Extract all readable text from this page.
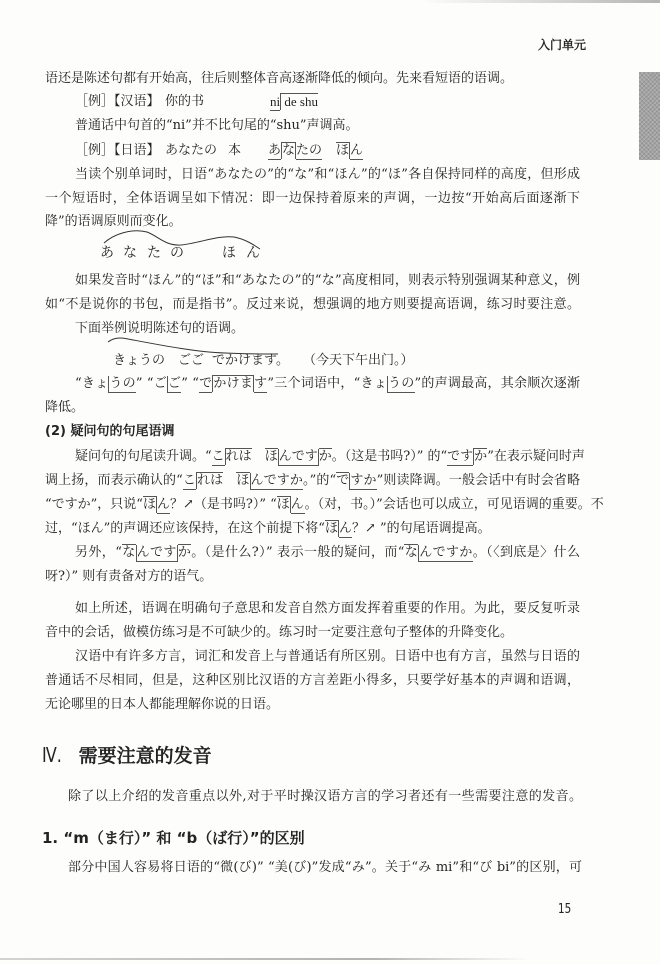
入门单元
语还是陈述句都有开始高，往后则整体音高逐渐降低的倾向。先来看短语的语调。
［例］【汉语】 你的书	ni de shu
普通话中句首的“ni”并不比句尾的“shu”声调高。
［例］【日语】 あなたの 本 あなたの ほん
当读个别单词时，日语“あなたの”的“な”和“ほん”的“ほ”各自保持同样的高度，但形成
一个短语时，全体语调呈如下情况：即一边保持着原来的声调，一边按“开始高后面逐渐下
降”的语调原则而变化。
あ な た の	ほ ん
如果发音时“ほん”的“ほ”和“あなたの”的“な”高度相同，则表示特别强调某种意义，例
如“不是说你的书包，而是指书”。反过来说，想强调的地方则要提高语调，练习时要注意。
下面举例说明陈述句的语调。
きょうの ごご でかけます。 （今天下午出门。）
“きょうの” “ごご” “でかけます”三个词语中，“きょうの”的声调最高，其余顺次逐渐
降低。
(2) 疑问句的句尾语调
疑问句的句尾读升调。“これは　 ほんですか。（这是书吗?）” 的“ですか”在表示疑问时声
调上扬，而表示确认的“これは　 ほんですか。”的“ですか”则读降调。一般会话中有时会省略
“ですか”，只说“ほん？↗（是书吗?）” “ほん。（对，书。）”会话也可以成立，可见语调的重要。不
过，“ほん”的声调还应该保持，在这个前提下将“ほん？↗ ”的句尾语调提高。
另外，“なんですか。（是什么?）” 表示一般的疑问，而“なんですか。（〈到底是〉什么
呀?）” 则有责备对方的语气。
如上所述，语调在明确句子意思和发音自然方面发挥着重要的作用。为此，要反复听录
音中的会话，做模仿练习是不可缺少的。练习时一定要注意句子整体的升降变化。
汉语中有许多方言，词汇和发音上与普通话有所区别。日语中也有方言，虽然与日语的
普通话不尽相同，但是，这种区别比汉语的方言差距小得多，只要学好基本的声调和语调，
无论哪里的日本人都能理解你说的日语。
Ⅳ. 需要注意的发音
除了以上介绍的发音重点以外,对于平时操汉语方言的学习者还有一些需要注意的发音。
1. “m（ま行）” 和 “b（ば行）”的区别
部分中国人容易将日语的“微(び)” “美(び)”发成“み”。关于“み mi”和“び bi”的区别，可
15
